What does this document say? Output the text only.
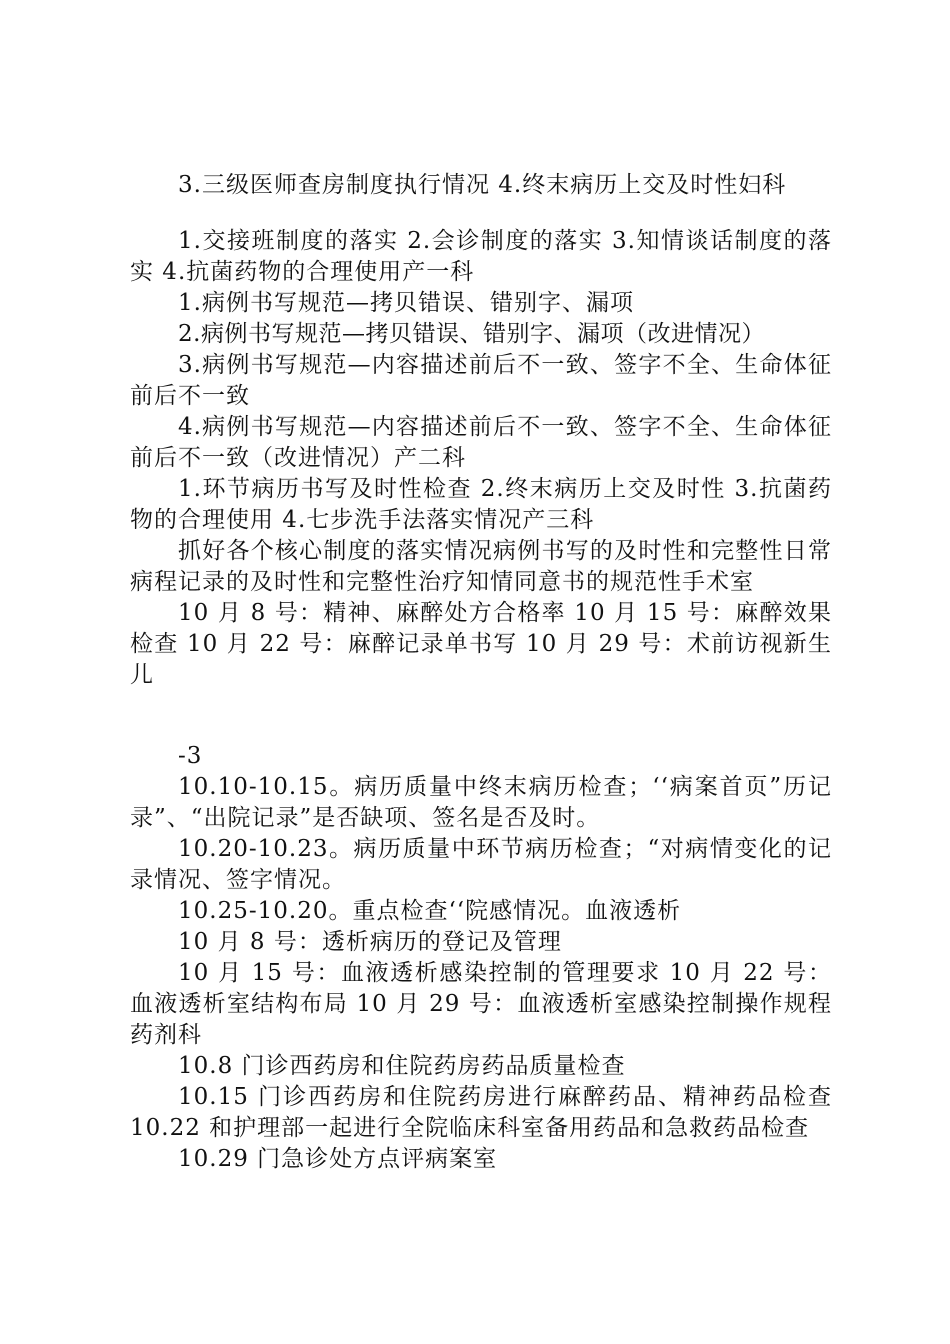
3.三级医师查房制度执行情况 4.终末病历上交及时性妇科

1.交接班制度的落实 2.会诊制度的落实 3.知情谈话制度的落实 4.抗菌药物的合理使用产一科

1.病例书写规范—拷贝错误、错别字、漏项

2.病例书写规范—拷贝错误、错别字、漏项（改进情况）

3.病例书写规范—内容描述前后不一致、签字不全、生命体征前后不一致

4.病例书写规范—内容描述前后不一致、签字不全、生命体征前后不一致（改进情况）产二科

1.环节病历书写及时性检查 2.终末病历上交及时性 3.抗菌药物的合理使用 4.七步洗手法落实情况产三科

抓好各个核心制度的落实情况病例书写的及时性和完整性日常病程记录的及时性和完整性治疗知情同意书的规范性手术室

10 月 8 号：精神、麻醉处方合格率 10 月 15 号：麻醉效果检查 10 月 22 号：麻醉记录单书写 10 月 29 号：术前访视新生儿

-3

10.10-10.15。病历质量中终末病历检查；‘‘病案首页”历记录”、“出院记录”是否缺项、签名是否及时。

10.20-10.23。病历质量中环节病历检查；“对病情变化的记录情况、签字情况。

10.25-10.20。重点检查‘‘院感情况。血液透析

10 月 8 号：透析病历的登记及管理

10 月 15 号：血液透析感染控制的管理要求 10 月 22 号：血液透析室结构布局 10 月 29 号：血液透析室感染控制操作规程药剂科

10.8 门诊西药房和住院药房药品质量检查

10.15 门诊西药房和住院药房进行麻醉药品、精神药品检查 10.22 和护理部一起进行全院临床科室备用药品和急救药品检查

10.29 门急诊处方点评病案室
